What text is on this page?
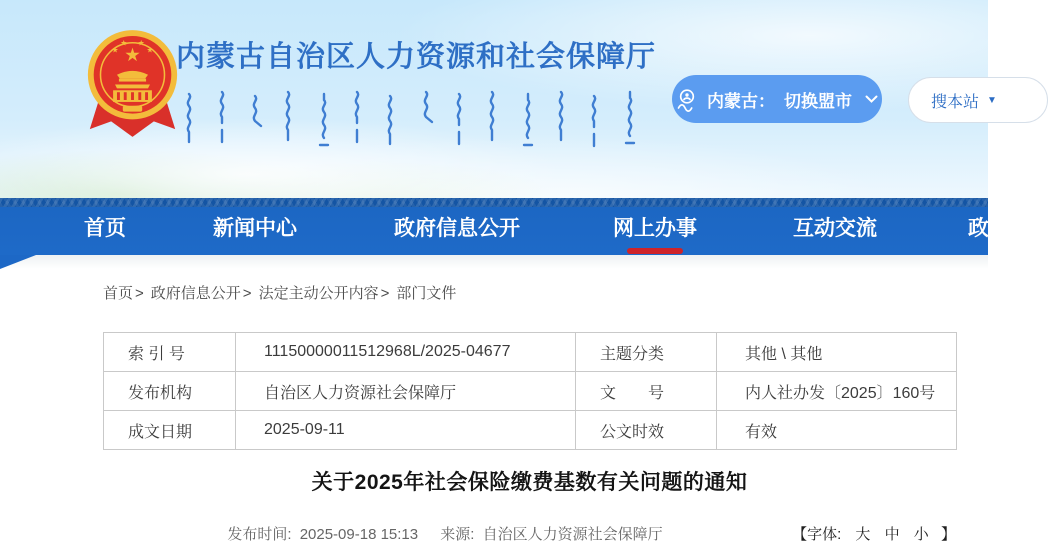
★
★
★ ★
★ 内蒙古自治区人力资源和社会保障厅
内蒙古： 切换盟市	搜本站 ▼
首页	新闻中心	政府信息公开	网上办事	互动交流	政
首页 > 政府信息公开 > 法定主动公开内容 > 部门文件
索 引 号	11150000011512968L/2025-04677	主题分类	其他 \ 其他
发布机构	自治区人力资源社会保障厅	文　　号	内人社办发〔2025〕160号
成文日期	2025-09-11	公文时效	有效
关于2025年社会保险缴费基数有关问题的通知
发布时间: 2025-09-18 15:13 来源: 自治区人力资源社会保障厅	【字体: 大 中 小 】
